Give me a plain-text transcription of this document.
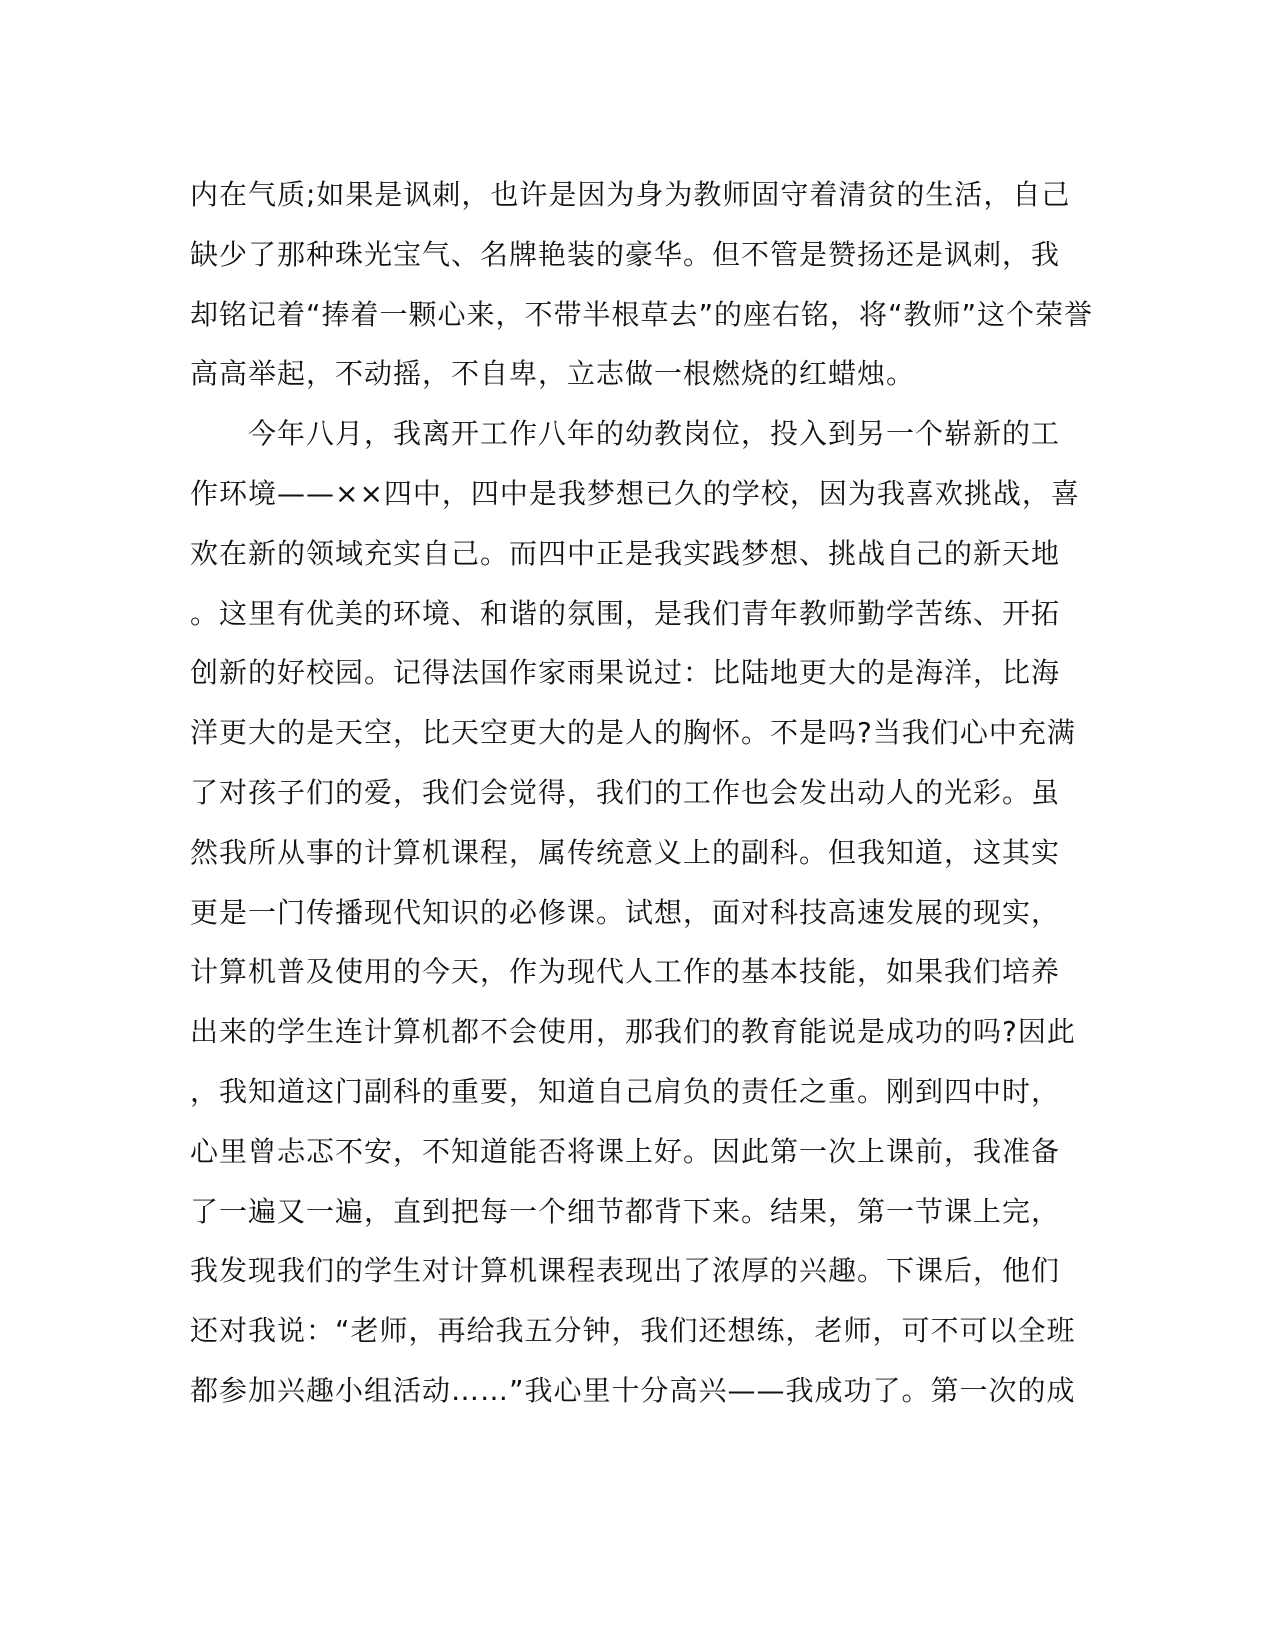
内在气质;如果是讽刺，也许是因为身为教师固守着清贫的生活，自己
缺少了那种珠光宝气、名牌艳装的豪华。但不管是赞扬还是讽刺，我
却铭记着“捧着一颗心来，不带半根草去”的座右铭，将“教师”这个荣誉
高高举起，不动摇，不自卑，立志做一根燃烧的红蜡烛。
　　今年八月，我离开工作八年的幼教岗位，投入到另一个崭新的工
作环境——××四中，四中是我梦想已久的学校，因为我喜欢挑战，喜
欢在新的领域充实自己。而四中正是我实践梦想、挑战自己的新天地
。这里有优美的环境、和谐的氛围，是我们青年教师勤学苦练、开拓
创新的好校园。记得法国作家雨果说过：比陆地更大的是海洋，比海
洋更大的是天空，比天空更大的是人的胸怀。不是吗?当我们心中充满
了对孩子们的爱，我们会觉得，我们的工作也会发出动人的光彩。虽
然我所从事的计算机课程，属传统意义上的副科。但我知道，这其实
更是一门传播现代知识的必修课。试想，面对科技高速发展的现实，
计算机普及使用的今天，作为现代人工作的基本技能，如果我们培养
出来的学生连计算机都不会使用，那我们的教育能说是成功的吗?因此
，我知道这门副科的重要，知道自己肩负的责任之重。刚到四中时，
心里曾忐忑不安，不知道能否将课上好。因此第一次上课前，我准备
了一遍又一遍，直到把每一个细节都背下来。结果，第一节课上完，
我发现我们的学生对计算机课程表现出了浓厚的兴趣。下课后，他们
还对我说：“老师，再给我五分钟，我们还想练，老师，可不可以全班
都参加兴趣小组活动……”我心里十分高兴——我成功了。第一次的成
